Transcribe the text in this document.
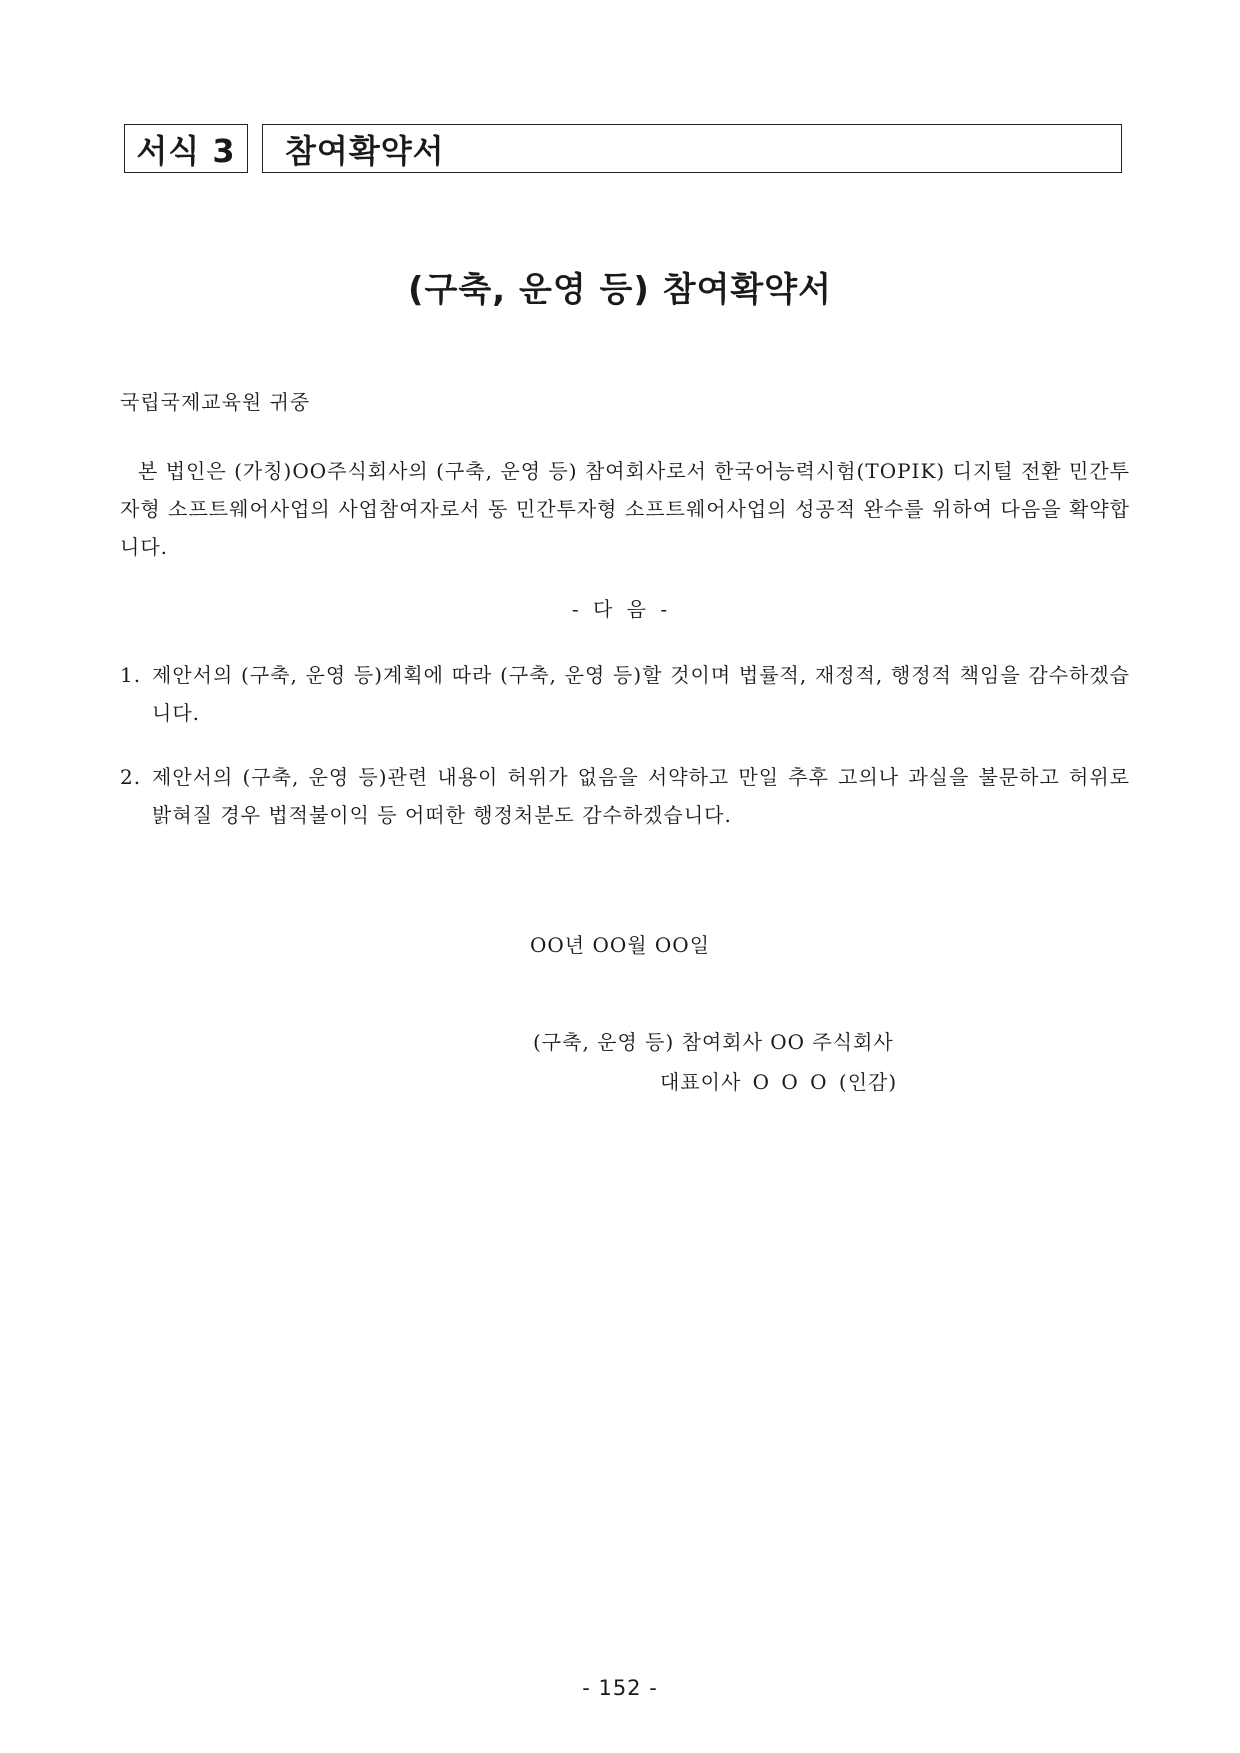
서식 3 참여확약서
(구축, 운영 등) 참여확약서
국립국제교육원 귀중
본 법인은 (가칭)OO주식회사의 (구축, 운영 등) 참여회사로서 한국어능력시험(TOPIK) 디지털 전환 민간투자형 소프트웨어사업의 사업참여자로서 동 민간투자형 소프트웨어사업의 성공적 완수를 위하여 다음을 확약합니다.
- 다 음 -
1. 제안서의 (구축, 운영 등)계획에 따라 (구축, 운영 등)할 것이며 법률적, 재정적, 행정적 책임을 감수하겠습니다.
2. 제안서의 (구축, 운영 등)관련 내용이 허위가 없음을 서약하고 만일 추후 고의나 과실을 불문하고 허위로 밝혀질 경우 법적불이익 등 어떠한 행정처분도 감수하겠습니다.
OO년 OO월 OO일
(구축, 운영 등) 참여회사 OO 주식회사
대표이사 O O O (인감)
- 152 -
